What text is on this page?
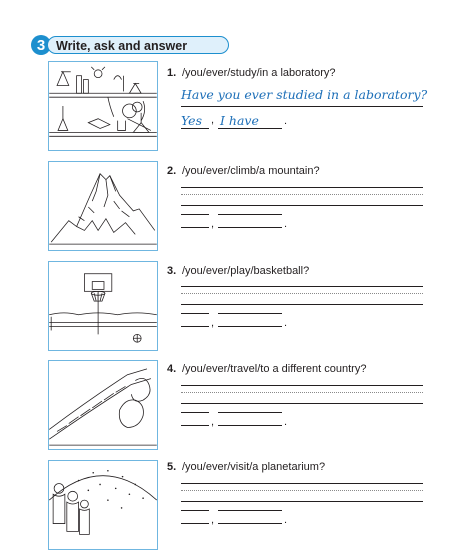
3 Write, ask and answer
1. /you/ever/study/in a laboratory?
Have you ever studied in a laboratory?
Yes , I have .
2. /you/ever/climb/a mountain?
,	.
3. /you/ever/play/basketball?
,	.
4. /you/ever/travel/to a different country?
,	.
5. /you/ever/visit/a planetarium?
,	.
